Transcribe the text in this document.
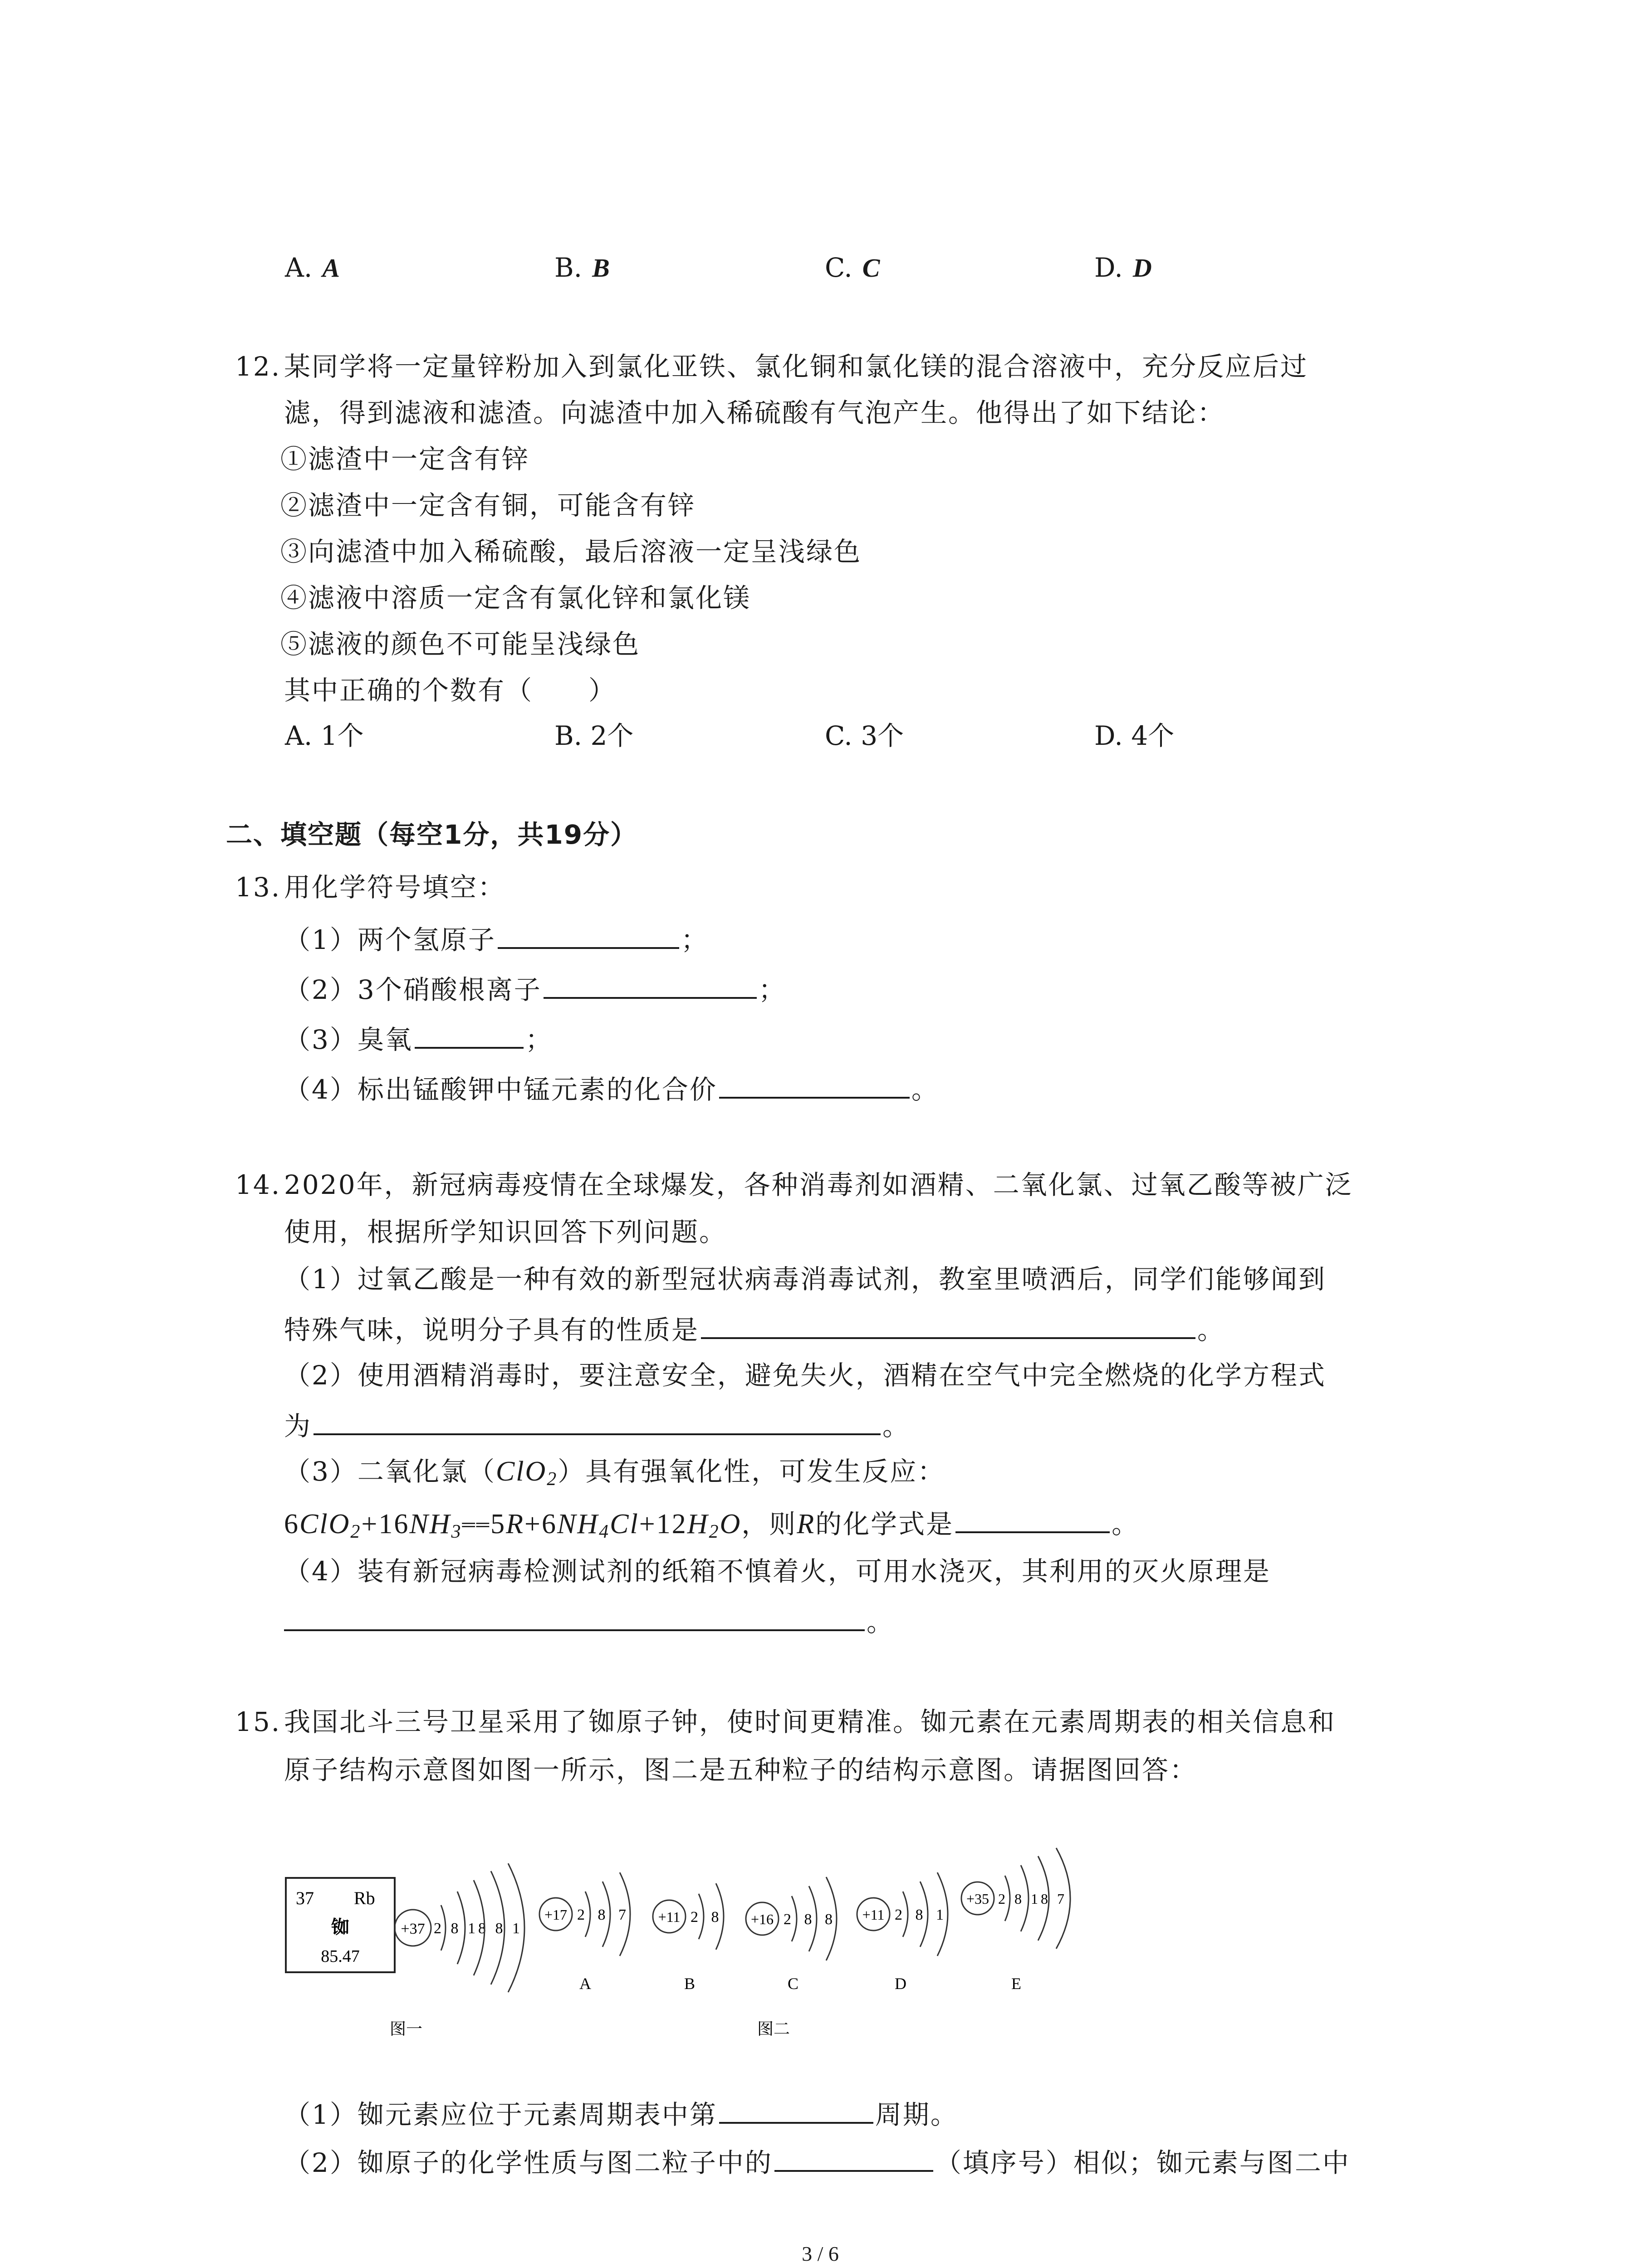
A. A	B. B	C. C	D. D
12. 某同学将一定量锌粉加入到氯化亚铁、氯化铜和氯化镁的混合溶液中，充分反应后过
滤，得到滤液和滤渣。向滤渣中加入稀硫酸有气泡产生。他得出了如下结论：
①滤渣中一定含有锌
②滤渣中一定含有铜，可能含有锌
③向滤渣中加入稀硫酸，最后溶液一定呈浅绿色
④滤液中溶质一定含有氯化锌和氯化镁
⑤滤液的颜色不可能呈浅绿色
其中正确的个数有（　　）
A. 1个	B. 2个	C. 3个	D. 4个
二、填空题（每空1分，共19分）
13. 用化学符号填空：
（1）两个氢原子	；
（2）3个硝酸根离子	；
（3）臭氧	；
（4）标出锰酸钾中锰元素的化合价	。
14. 2020年，新冠病毒疫情在全球爆发，各种消毒剂如酒精、二氧化氯、过氧乙酸等被广泛
使用，根据所学知识回答下列问题。
（1）过氧乙酸是一种有效的新型冠状病毒消毒试剂，教室里喷洒后，同学们能够闻到
特殊气味，说明分子具有的性质是	。
（2）使用酒精消毒时，要注意安全，避免失火，酒精在空气中完全燃烧的化学方程式
为	。
（3）二氧化氯（ClO$_2$）具有强氧化性，可发生反应：
$6ClO_2+16NH_3══5R+6NH_4Cl+12H_2O$，则R的化学式是	。
（4）装有新冠病毒检测试剂的纸箱不慎着火，可用水浇灭，其利用的灭火原理是
。
15. 我国北斗三号卫星采用了铷原子钟，使时间更精准。铷元素在元素周期表的相关信息和
原子结构示意图如图一所示，图二是五种粒子的结构示意图。请据图回答：
37 Rb
铷
85.47
+37 2 8 18 8 1
+17 2 8 7
A
+11 2 8
B
+16 2 8 8
C
+11 2 8 1
D
+35 2 8 18 7
E
图一	图二
（1）铷元素应位于元素周期表中第	周期。
（2）铷原子的化学性质与图二粒子中的	（填序号）相似；铷元素与图二中
3 / 6
